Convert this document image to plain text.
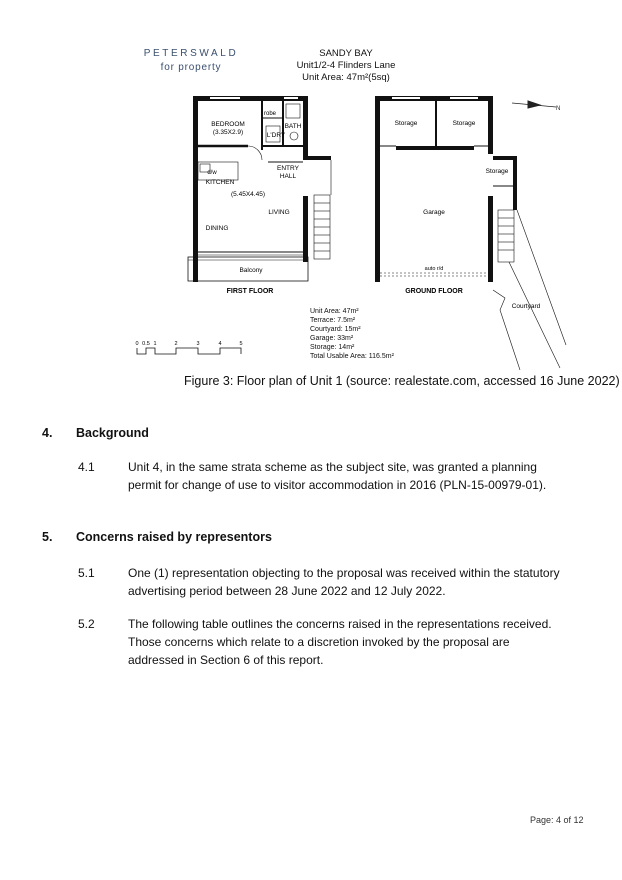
PETERSWALD
for property
SANDY BAY
Unit1/2-4 Flinders Lane
Unit Area: 47m²(5sq)
N
BEDROOM
(3.35X2.9)
robe
BATH
L'DRY
ENTRY
HALL
d/w
KITCHEN
(5.45X4.45)
LIVING
DINING
Balcony
FIRST FLOOR
Storage	Storage
Storage
Garage
auto r/d
Courtyard
GROUND FLOOR
Unit Area: 47m²
Terrace: 7.5m²
Courtyard: 15m²
Garage: 33m²
Storage: 14m²
Total Usable Area: 116.5m²
0 0.5 1	2	3	4	5
Figure 3: Floor plan of Unit 1 (source: realestate.com, accessed 16 June 2022)
4. Background
4.1	Unit 4, in the same strata scheme as the subject site, was granted a planning
permit for change of use to visitor accommodation in 2016 (PLN-15-00979-01).
5. Concerns raised by representors
5.1	One (1) representation objecting to the proposal was received within the statutory
advertising period between 28 June 2022 and 12 July 2022.
5.2	The following table outlines the concerns raised in the representations received.
Those concerns which relate to a discretion invoked by the proposal are
addressed in Section 6 of this report.
Page: 4 of 12
